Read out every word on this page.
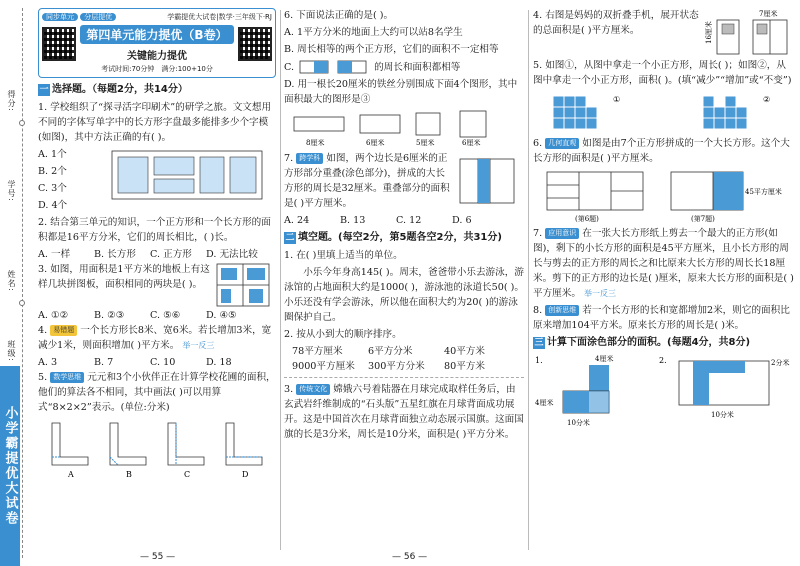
得分:
学号:
姓名:
班级:
小学霸提优大试卷
同步单元 分层提优	学霸提优大试卷|数学·三年级下·RJ
第四单元能力提优（B卷）
关键能力提优
考试时间:70分钟　 满分:100+10分
一 选择题。（每题2分，共14分）
1. 学校组织了“探寻活字印刷术”的研学之旅。文文想用不同的字体写单字中的长方形字盘最多能排多少个字模(如图)，其中方法正确的有( )。
A. 1个
B. 2个
C. 3个
D. 4个
2. 结合第三单元的知识，一个正方形和一个长方形的面积都是16平方分米，它们的周长相比，( )长。
A. 一样	B. 长方形	C. 正方形	D. 无法比较
3. 如图，用面积是1平方米的地板上有这样几块拼图板，面积相同的两块是( )。
A. ①②	B. ②③	C. ⑤⑥	D. ④⑤
4. 易错题 一个长方形长8米、宽6米。若长增加3米，宽减少1米，则面积增加( )平方米。 举一反三
A. 3	B. 7	C. 10	D. 18
5. 数学思维 元元和3个小伙伴正在计算学校花圃的面积，他们的算法各不相同，其中画法( )可以用算式“8×2×2”表示。(单位:分米)
A	B	C	D
— 55 —
6. 下面说法正确的是( )。
A. 1平方分米的地面上大约可以站8名学生
B. 周长相等的两个正方形，它们的面积不一定相等
C.	的周长和面积都相等
D. 用一根长20厘米的铁丝分别围成下面4个图形，其中面积最大的图形是③
8厘米	6厘米	5厘米	6厘米
7. 跨学科 如图，两个边长是6厘米的正方形部分重叠(涂色部分)，拼成的大长方形的周长是32厘米。重叠部分的面积是( )平方厘米。
A. 24	B. 13	C. 12	D. 6
二 填空题。(每空2分，第5题各空2分，共31分)
1. 在( )里填上适当的单位。
小乐今年身高145( )。周末，爸爸带小乐去游泳，游泳馆的占地面积大约是1000( )，游泳池的泳道长50( )。小乐还没有学会游泳，所以他在面积大约为20( )的游泳圈保护自己。
2. 按从小到大的顺序排序。
78平方厘米	6平方分米	40平方米
9000平方厘米	300平方分米	80平方米
3. 传统文化 嫦娥六号着陆器在月球完成取样任务后，由玄武岩纤维制成的“石头版”五星红旗在月球背面成功展开。这是中国首次在月球背面独立动态展示国旗。这面国旗的长是3分米，周长是10分米，面积是( )平方分米。
— 56 —
4. 右图是妈妈的双折叠手机，展开状态的总面积是( )平方厘米。
7厘米
16厘米
5. 如图①，从图中拿走一个小正方形，周长( )；如图②，从图中拿走一个小正方形，面积( )。(填“减少”“增加”或“不变”)
①	②
6. 几何直观 如图是由7个正方形拼成的一个大长方形。这个大长方形的面积是( )平方厘米。
45平方厘米
(第6题)	(第7题)
7. 应用意识 在一张大长方形纸上剪去一个最大的正方形(如图)，剩下的小长方形的面积是45平方厘米，且小长方形的周长与剪去的正方形的周长之和比原来大长方形的周长长18厘米。剪下的正方形的边长是( )厘米，原来大长方形的面积是( )平方厘米。 举一反三
8. 创新思维 若一个长方形的长和宽都增加2米，则它的面积比原来增加104平方米。原来长方形的周长是( )米。
三 计算下面涂色部分的面积。(每题4分，共8分)
1.	4厘米
4厘米
10分米
2.	2分米
10分米
